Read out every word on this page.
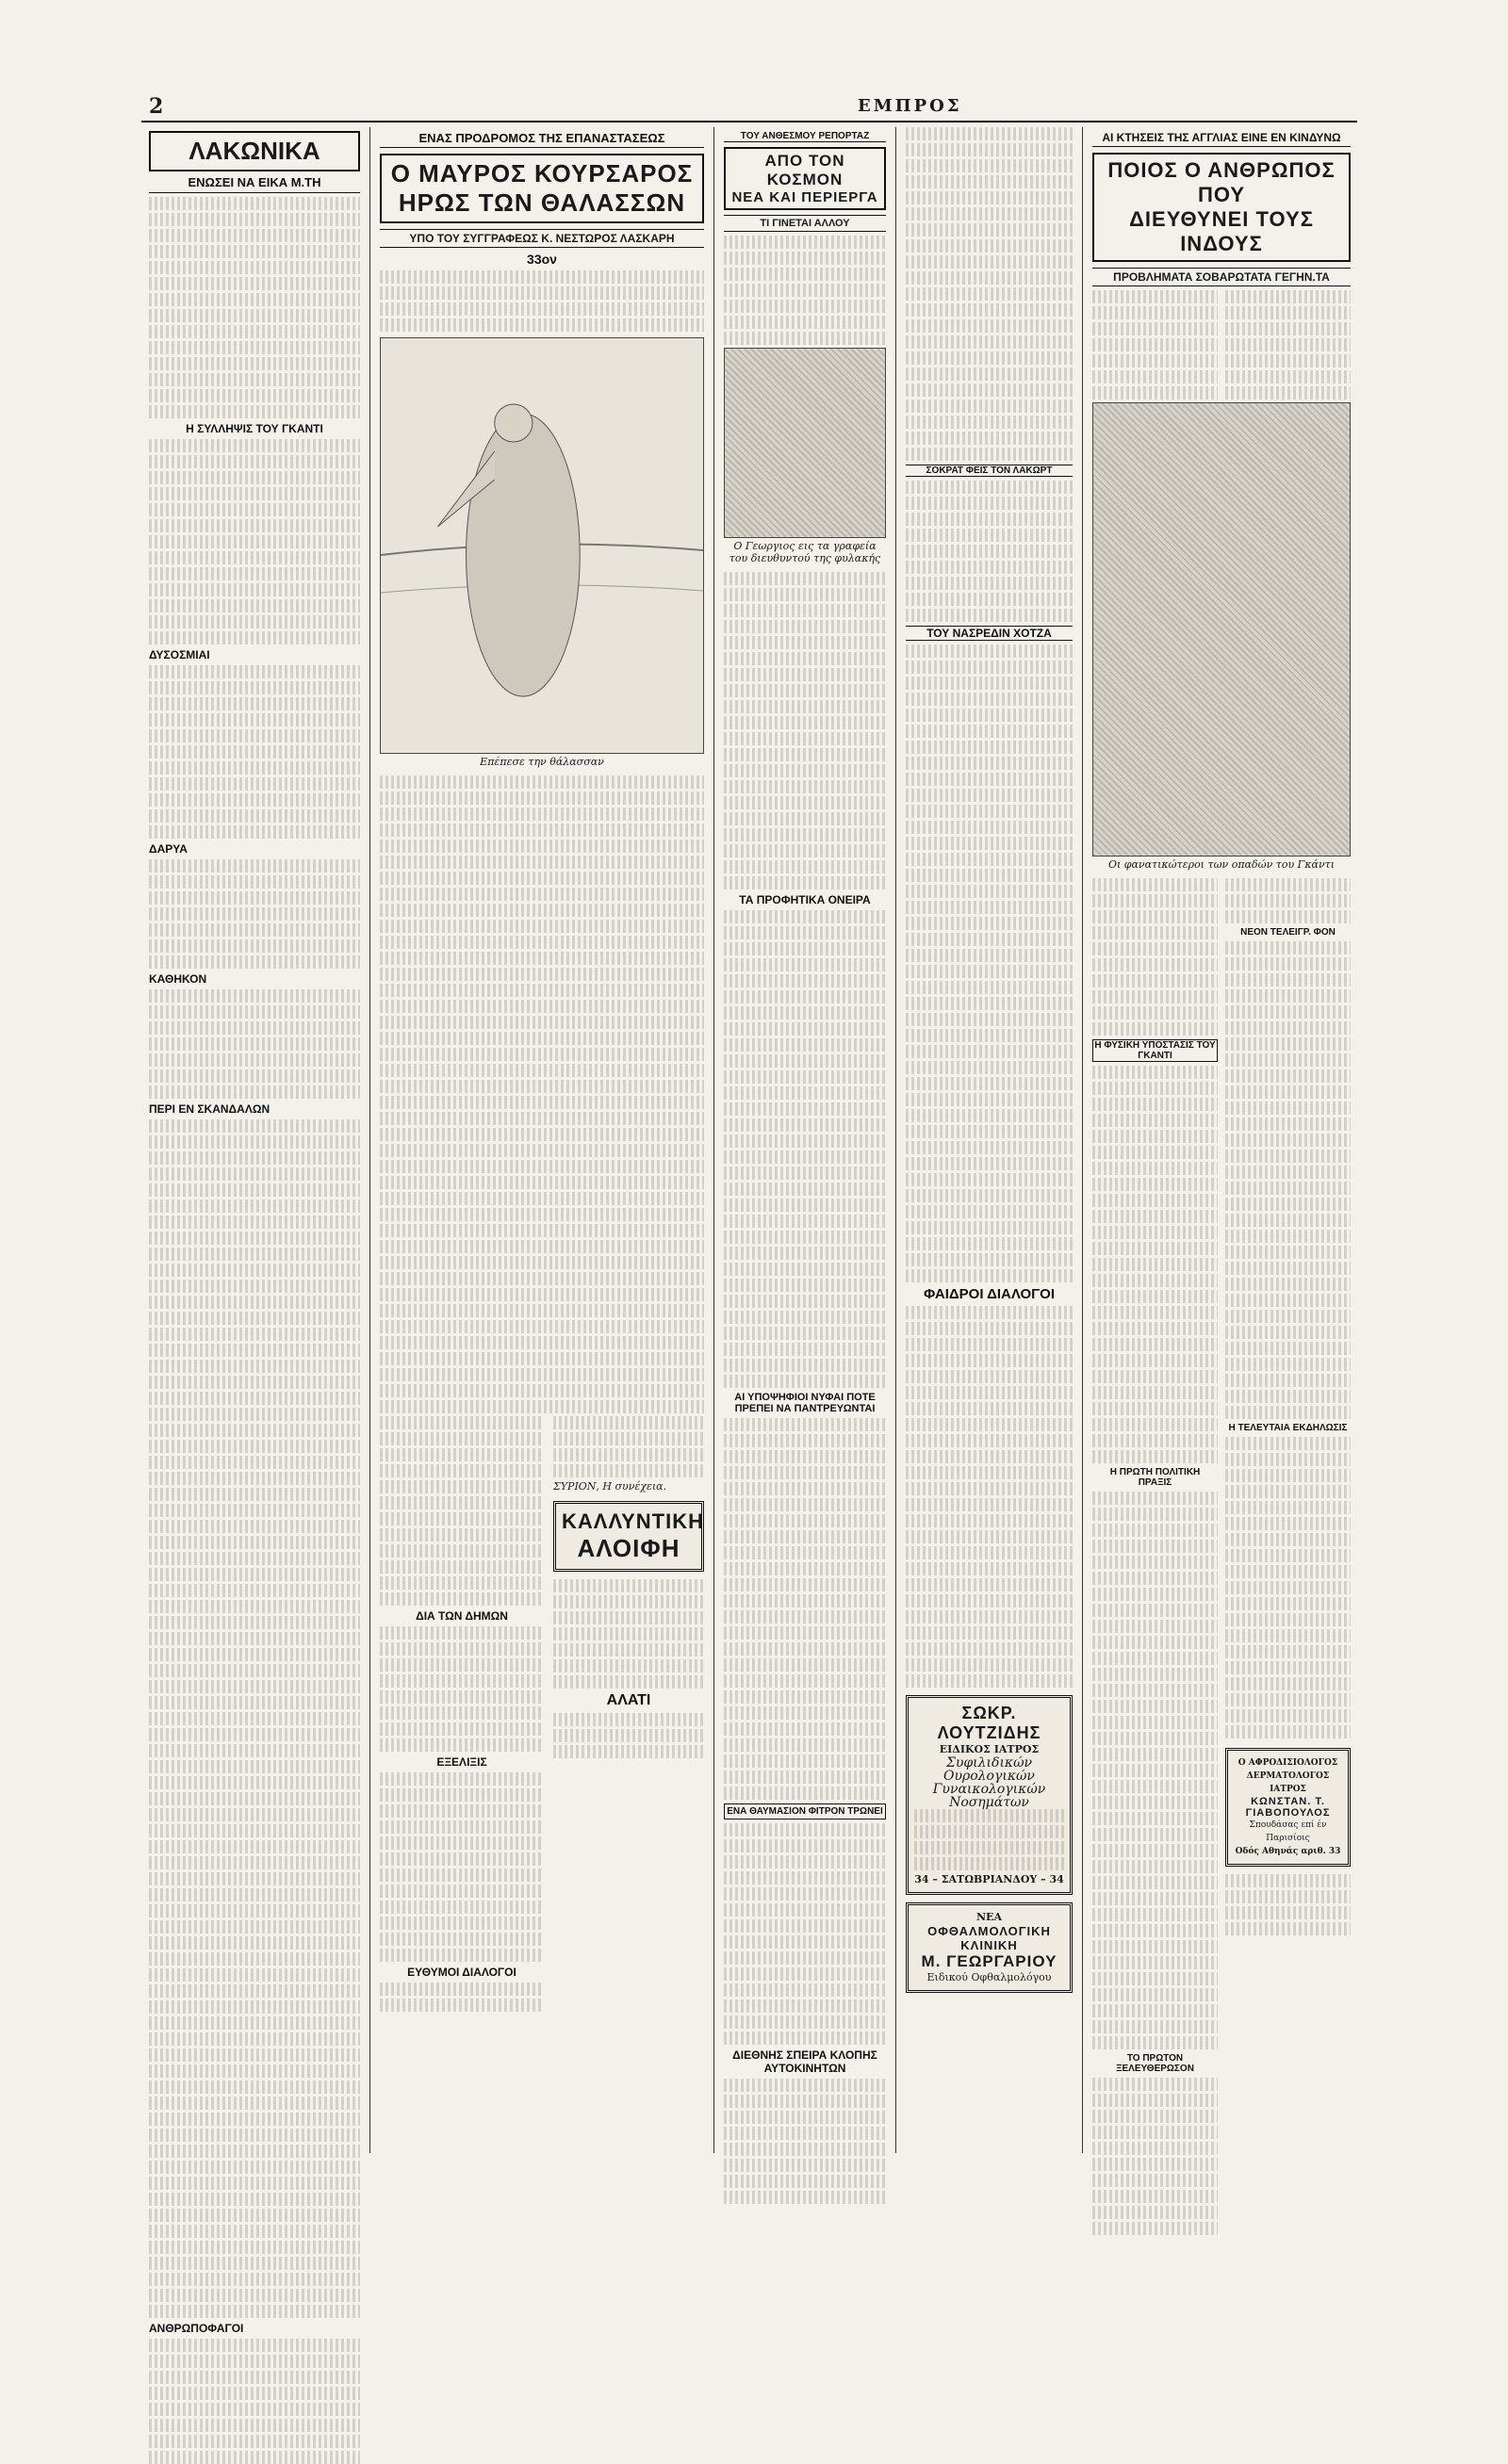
2	ΕΜΠΡΟΣ
ΛΑΚΩΝΙΚΑ
ΕΝΩΣΕΙ ΝΑ ΕΙΚΑ Μ.ΤΗ
Η ΣΥΛΛΗΨΙΣ ΤΟΥ ΓΚΑΝΤΙ
ΔΥΣΟΣΜΙΑΙ
ΔΑΡΥΑ
ΚΑΘΗΚΟΝ
ΠΕΡΙ ΕΝ ΣΚΑΝΔΑΛΩΝ
ΑΝΘΡΩΠΟΦΑΓΟΙ
ΕΝΑΣ ΠΡΟΔΡΟΜΟΣ ΤΗΣ ΕΠΑΝΑΣΤΑΣΕΩΣ
Ο ΜΑΥΡΟΣ ΚΟΥΡΣΑΡΟΣ
ΗΡΩΣ ΤΩΝ ΘΑΛΑΣΣΩΝ
ΥΠΟ ΤΟΥ ΣΥΓΓΡΑΦΕΩΣ Κ. ΝΕΣΤΩΡΟΣ ΛΑΣΚΑΡΗ
33ον
Επέπεσε την θάλασσαν
ΔΙΑ ΤΩΝ ΔΗΜΩΝ
ΕΞΕΛΙΞΙΣ
ΕΥΘΥΜΟΙ ΔΙΑΛΟΓΟΙ
ΣΥΡΙΟΝ, Η συνέχεια.
ΚΑΛΛΥΝΤΙΚΗ
ΑΛΟΙΦΗ
ΑΛΑΤΙ
ΤΟΥ ΑΝΘΕΣΜΟΥ ΡΕΠΟΡΤΑΖ
ΑΠΟ ΤΟΝ ΚΟΣΜΟΝ
ΝΕΑ ΚΑΙ ΠΕΡΙΕΡΓΑ
ΤΙ ΓΙΝΕΤΑΙ ΑΛΛΟΥ
Ο Γεωργιος εις τα γραφεία του διευθυντού της φυλακής
ΤΑ ΠΡΟΦΗΤΙΚΑ ΟΝΕΙΡΑ
ΑΙ ΥΠΟΨΗΦΙΟΙ ΝΥΦΑΙ ΠΟΤΕ ΠΡΕΠΕΙ ΝΑ ΠΑΝΤΡΕΥΩΝΤΑΙ
ΕΝΑ ΘΑΥΜΑΣΙΟΝ ΦΙΤΡΟΝ ΤΡΩΝΕΙ
ΔΙΕΘΝΗΣ ΣΠΕΙΡΑ ΚΛΟΠΗΣ ΑΥΤΟΚΙΝΗΤΩΝ
ΣΟΚΡΑΤ ΦΕΙΣ ΤΟΝ ΛΑΚΩΡΤ
ΤΟΥ ΝΑΣΡΕΔΙΝ ΧΟΤΖΑ
ΦΑΙΔΡΟΙ ΔΙΑΛΟΓΟΙ
ΣΩΚΡ. ΛΟΥΤΖΙΔΗΣ
ΕΙΔΙΚΟΣ ΙΑΤΡΟΣ
Συφιλιδικών
Ουρολογικών
Γυναικολογικών
Νοσημάτων
34 – ΣΑΤΩΒΡΙΑΝΔΟΥ – 34
ΝΕΑ
ΟΦΘΑΛΜΟΛΟΓΙΚΗ ΚΛΙΝΙΚΗ
Μ. ΓΕΩΡΓΑΡΙΟΥ
Ειδικού Οφθαλμολόγου
ΑΙ ΚΤΗΣΕΙΣ ΤΗΣ ΑΓΓΛΙΑΣ ΕΙΝΕ ΕΝ ΚΙΝΔΥΝΩ
ΠΟΙΟΣ Ο ΑΝΘΡΩΠΟΣ ΠΟΥ
ΔΙΕΥΘΥΝΕΙ ΤΟΥΣ ΙΝΔΟΥΣ
ΠΡΟΒΛΗΜΑΤΑ ΣΟΒΑΡΩΤΑΤΑ ΓΕΓΗΝ.ΤΑ
Οι φανατικώτεροι των οπαδών του Γκάντι
Η ΦΥΣΙΚΗ ΥΠΟΣΤΑΣΙΣ ΤΟΥ ΓΚΑΝΤΙ
Η ΠΡΩΤΗ ΠΟΛΙΤΙΚΗ ΠΡΑΞΙΣ
ΤΟ ΠΡΩΤΟΝ ΞΕΛΕΥΘΕΡΩΣΟΝ
ΝΕΟΝ ΤΕΛΕΙΓΡ. ΦΟΝ
Η ΤΕΛΕΥΤΑΙΑ ΕΚΔΗΛΩΣΙΣ
Ο ΑΦΡΟΔΙΣΙΟΛΟΓΟΣ ΔΕΡΜΑΤΟΛΟΓΟΣ ΙΑΤΡΟΣ
ΚΩΝΣΤΑΝ. Τ. ΓΙΑΒΟΠΟΥΛΟΣ
Σπουδάσας επί έν Παρισίοις
Οδός Αθηνάς αριθ. 33
